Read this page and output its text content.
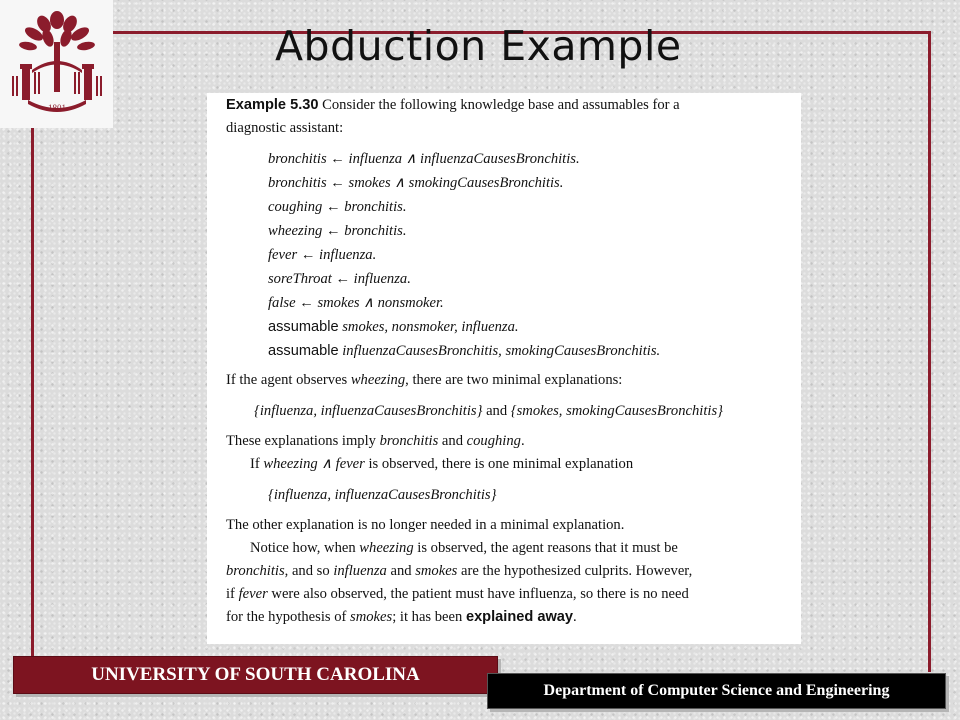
1801
Abduction Example
Example 5.30 Consider the following knowledge base and assumables for a
diagnostic assistant:
bronchitis ← influenza ∧ influenzaCausesBronchitis.
bronchitis ← smokes ∧ smokingCausesBronchitis.
coughing ← bronchitis.
wheezing ← bronchitis.
fever ← influenza.
soreThroat ← influenza.
false ← smokes ∧ nonsmoker.
assumable smokes, nonsmoker, influenza.
assumable influenzaCausesBronchitis, smokingCausesBronchitis.
If the agent observes wheezing, there are two minimal explanations:
{influenza, influenzaCausesBronchitis} and {smokes, smokingCausesBronchitis}
These explanations imply bronchitis and coughing.
If wheezing ∧ fever is observed, there is one minimal explanation
{influenza, influenzaCausesBronchitis}
The other explanation is no longer needed in a minimal explanation.
Notice how, when wheezing is observed, the agent reasons that it must be
bronchitis, and so influenza and smokes are the hypothesized culprits. However,
if fever were also observed, the patient must have influenza, so there is no need
for the hypothesis of smokes; it has been explained away.
UNIVERSITY OF SOUTH CAROLINA
Department of Computer Science and Engineering
